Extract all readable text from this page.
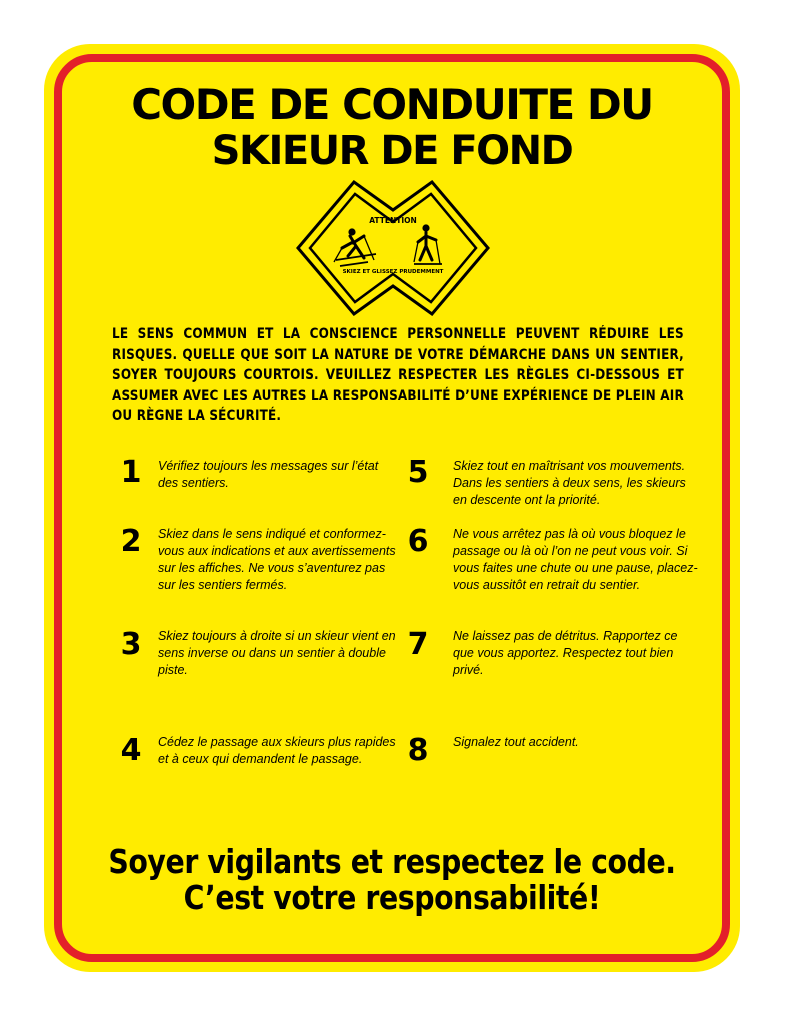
CODE DE CONDUITE DU
SKIEUR DE FOND
ATTENTION
SKIEZ ET GLISSEZ PRUDEMMENT

LE SENS COMMUN ET LA CONSCIENCE PERSONNELLE PEUVENT RÉDUIRE LES RISQUES. QUELLE QUE SOIT LA NATURE DE VOTRE DÉMARCHE DANS UN SENTIER, SOYER TOUJOURS COURTOIS. VEUILLEZ RESPECTER LES RÈGLES CI-DESSOUS ET ASSUMER AVEC LES AUTRES LA RESPONSABILITÉ D’UNE EXPÉRIENCE DE PLEIN AIR OU RÈGNE LA SÉCURITÉ.

1	Vérifiez toujours les messages sur l’état des sentiers.
2	Skiez dans le sens indiqué et conformez-vous aux indications et aux avertissements sur les affiches. Ne vous s’aventurez pas sur les sentiers fermés.
3	Skiez toujours à droite si un skieur vient en sens inverse ou dans un sentier à double piste.
4	Cédez le passage aux skieurs plus rapides et à ceux qui demandent le passage.
5	Skiez tout en maîtrisant vos mouvements. Dans les sentiers à deux sens, les skieurs en descente ont la priorité.
6	Ne vous arrêtez pas là où vous bloquez le passage ou là où l’on ne peut vous voir. Si vous faites une chute ou une pause, placez-vous aussitôt en retrait du sentier.
7	Ne laissez pas de détritus. Rapportez ce que vous apportez. Respectez tout bien privé.
8	Signalez tout accident.
Soyer vigilants et respectez le code.
C’est votre responsabilité!
